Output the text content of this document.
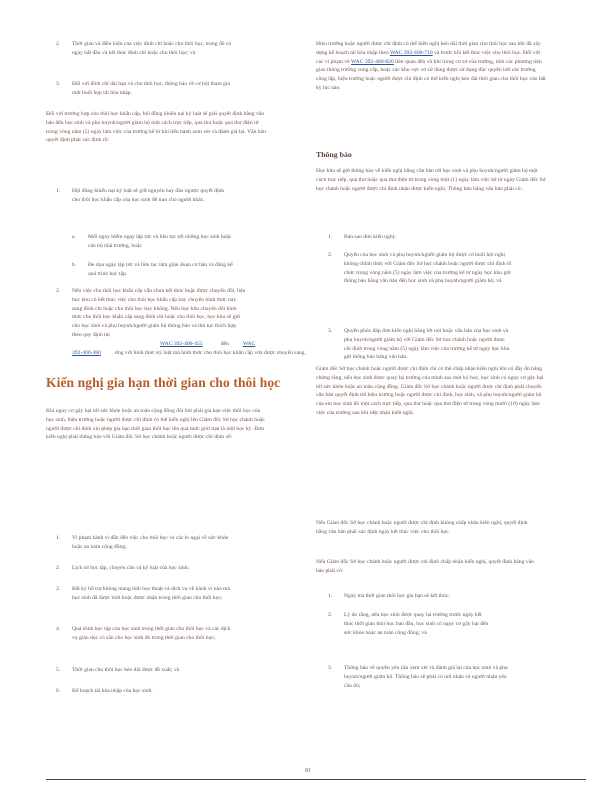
2. Thời gian và điều kiện của việc đình chỉ hoặc cho thôi học, trong đó có ngày bắt đầu và kết thúc đình chỉ hoặc cho thôi học; và
3. Đối với đình chỉ dài hạn và cho thôi học, thông báo về cơ hội tham gia một buổi họp tái hòa nhập.

Đối với trường hợp cho thôi học khẩn cấp, hội đồng khiếu nại kỷ luật sẽ giải quyết định bằng văn bản đến học sinh và phụ huynh/người giám hộ một cách trực tiếp, qua thư hoặc qua thư điện tử trong vòng năm (5) ngày làm việc của trường kể từ khi tiến hành xem xét và đánh giá lại. Văn bản quyết định phải xác định rõ:

1. Hội đồng khiếu nại kỷ luật sẽ giữ nguyên hay đảo ngược quyết định cho thôi học khẩn cấp của học sinh để trao cho người khác.
a. Mối nguy hiểm ngay lập tức và liên tục tới những học sinh hoặc cán bộ nhà trường, hoặc
b. Đe dọa ngay lập tức và liên tục làm gián đoạn cơ bản và đáng kể quá trình học tập.
2. Nếu việc cho thôi học khẩn cấp vẫn chưa kết thúc hoặc được chuyển đổi, liệu học khu có kết thúc việc cho thôi học khẩn cấp hay chuyển hình thức này sang đình chỉ hoặc cho thôi học hay không. Nếu học khu chuyển đổi hình thức cho thôi học khẩn cấp sang đình chỉ hoặc cho thôi học, học khu sẽ gửi cho học sinh và phụ huynh/người giám hộ thông báo và thủ tục thích hợp theo quy định tại
WAC 392-400-455	đến	WAC
392-400-480	ứng với hình thức kỷ luật mà hình thức cho thôi học khẩn cấp vừa được chuyển sang.
Kiến nghị gia hạn thời gian cho thôi học

Khi nguy cơ gây hại tới sức khỏe hoặc an toàn cộng đồng đòi hỏi phải gia hạn việc thôi học của học sinh, hiệu trưởng hoặc người được chỉ định có thể kiến nghị lên Giám đốc Sở học chánh hoặc người được chỉ định xin phép gia hạn thời gian thôi học lên quá mức giới hạn là một học kỳ. Đơn kiến nghị phải thông báo với Giám đốc Sở học chánh hoặc người được chỉ định về:

1. Vi phạm hành vi dẫn đến việc cho thôi học và các lo ngại về sức khỏe hoặc an toàn cộng đồng;
2. Lịch sử học tập, chuyên cần và kỷ luật của học sinh;
3. Bất kỳ hỗ trợ không mang tính học thuật và dịch vụ về hành vi nào mà học sinh đã được mời hoặc được nhận trong thời gian cho thôi học;
4. Quá trình học tập của học sinh trong thời gian cho thôi học và các dịch vụ giáo dục có sẵn cho học sinh đó trong thời gian cho thôi học;
5. Thời gian cho thôi học kéo dài được đề xuất; và
6. Kế hoạch tái hòa nhập của học sinh.

Hiệu trưởng hoặc người được chỉ định có thể kiến nghị kéo dài thời gian cho thôi học sau khi đã xây dựng kế hoạch tái hòa nhập theo WAC 392-400-710 và trước khi kết thúc việc cho thôi học. Đối với các vi phạm về WAC 392-400-820 liên quan đến vũ khí trong cơ sở của trường, trên các phương tiện giao thông trường cung cấp, hoặc các khu vực cơ sở dùng được sử dụng độc quyền bởi các trường công lập, hiệu trưởng hoặc người được chỉ định có thể kiến nghị kéo dài thời gian cho thôi học vào bất kỳ lúc nào.

Thông báo

Học khu sẽ gửi thông báo về kiến nghị bằng văn bản tới học sinh và phụ huynh/người giám hộ một cách trực tiếp, qua thư hoặc qua thư điện tử trong vòng một (1) ngày làm việc kể từ ngày Giám đốc Sở học chánh hoặc người được chỉ định nhận được kiến nghị. Thông báo bằng văn bản phải có:

1. Bản sao đơn kiến nghị;
2. Quyền của học sinh và phụ huynh/người giám hộ được có buổi hội nghị không chính thức với Giám đốc Sở học chánh hoặc người được chỉ định tổ chức trong vòng năm (5) ngày làm việc của trường kể từ ngày học khu gửi thông báo bằng văn bản đến học sinh và phụ huynh/người giám hộ; và
3. Quyền phúc đáp đơn kiến nghị bằng lời nói hoặc văn bản của học sinh và phụ huynh/người giám hộ với Giám đốc Sở học chánh hoặc người được chỉ định trong vòng năm (5) ngày làm việc của trường kể từ ngày học khu gửi thông báo bằng văn bản.

Giám đốc Sở học chánh hoặc người được chỉ định chỉ có thể chấp nhận kiến nghị khi có đầy đủ bằng chứng rằng, nếu học sinh được quay lại trường của mình sau một kỳ học, học sinh có nguy cơ gây hại tới sức khỏe hoặc an toàn cộng đồng. Giám đốc Sở học chánh hoặc người được chỉ định phải chuyển văn bản quyết định tới hiệu trưởng hoặc người được chỉ định, học sinh, và phụ huynh/người giám hộ của em học sinh đó một cách trực tiếp, qua thư hoặc qua thư điện tử trong vòng mười (10) ngày làm việc của trường sau khi tiếp nhận kiến nghị.

Nếu Giám đốc Sở học chánh hoặc người được chỉ định không chấp nhận kiến nghị, quyết định bằng văn bản phải xác định ngày kết thúc việc cho thôi học.

Nếu Giám đốc Sở học chánh hoặc người được chỉ định chấp nhận kiến nghị, quyết định bằng văn bản phải có:

1. Ngày mà thời gian thôi học gia hạn sẽ kết thúc;
2. Lý do rằng, nếu học sinh được quay lại trường trước ngày kết thúc thời gian thôi học ban đầu, học sinh có nguy cơ gây hại đến sức khỏe hoặc an toàn cộng đồng; và
3. Thông báo về quyền yêu cầu xem xét và đánh giá lại của học sinh và phụ huynh/người giám hộ. Thông báo sẽ phải có nơi nhận và người nhận yêu cầu đó;
81
